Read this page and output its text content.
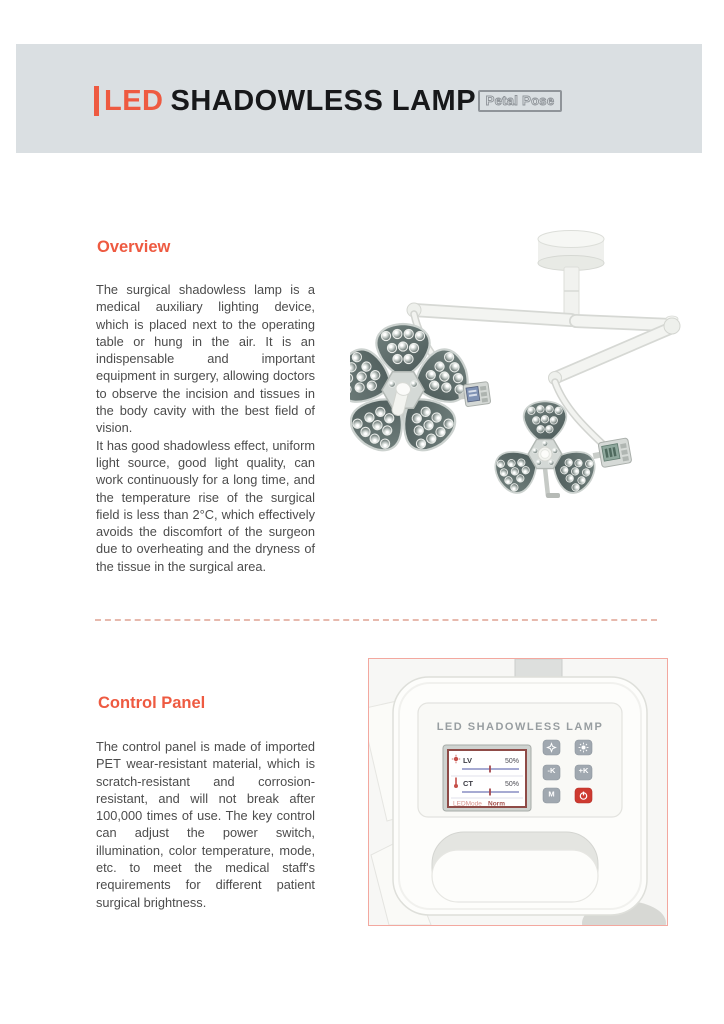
LED SHADOWLESS LAMP Petal Pose
Overview

The surgical shadowless lamp is a medical auxiliary lighting device, which is placed next to the operating table or hung in the air. It is an indispensable and important equipment in surgery, allowing doctors to observe the incision and tissues in the body cavity with the best field of vision.

It has good shadowless effect, uniform light source, good light quality, can work continuously for a long time, and the temperature rise of the surgical field is less than 2°C, which effectively avoids the discomfort of the surgeon due to overheating and the dryness of the tissue in the surgical area.

Control Panel

The control panel is made of imported PET wear-resistant material, which is scratch-resistant and corrosion-resistant, and will not break after 100,000 times of use. The key control can adjust the power switch, illumination, color temperature, mode, etc. to meet the medical staff's requirements for different patient surgical brightness.

LED SHADOWLESS LAMP
LV	50%
CT	50%
LEDMode Norm
-K	+K
M
